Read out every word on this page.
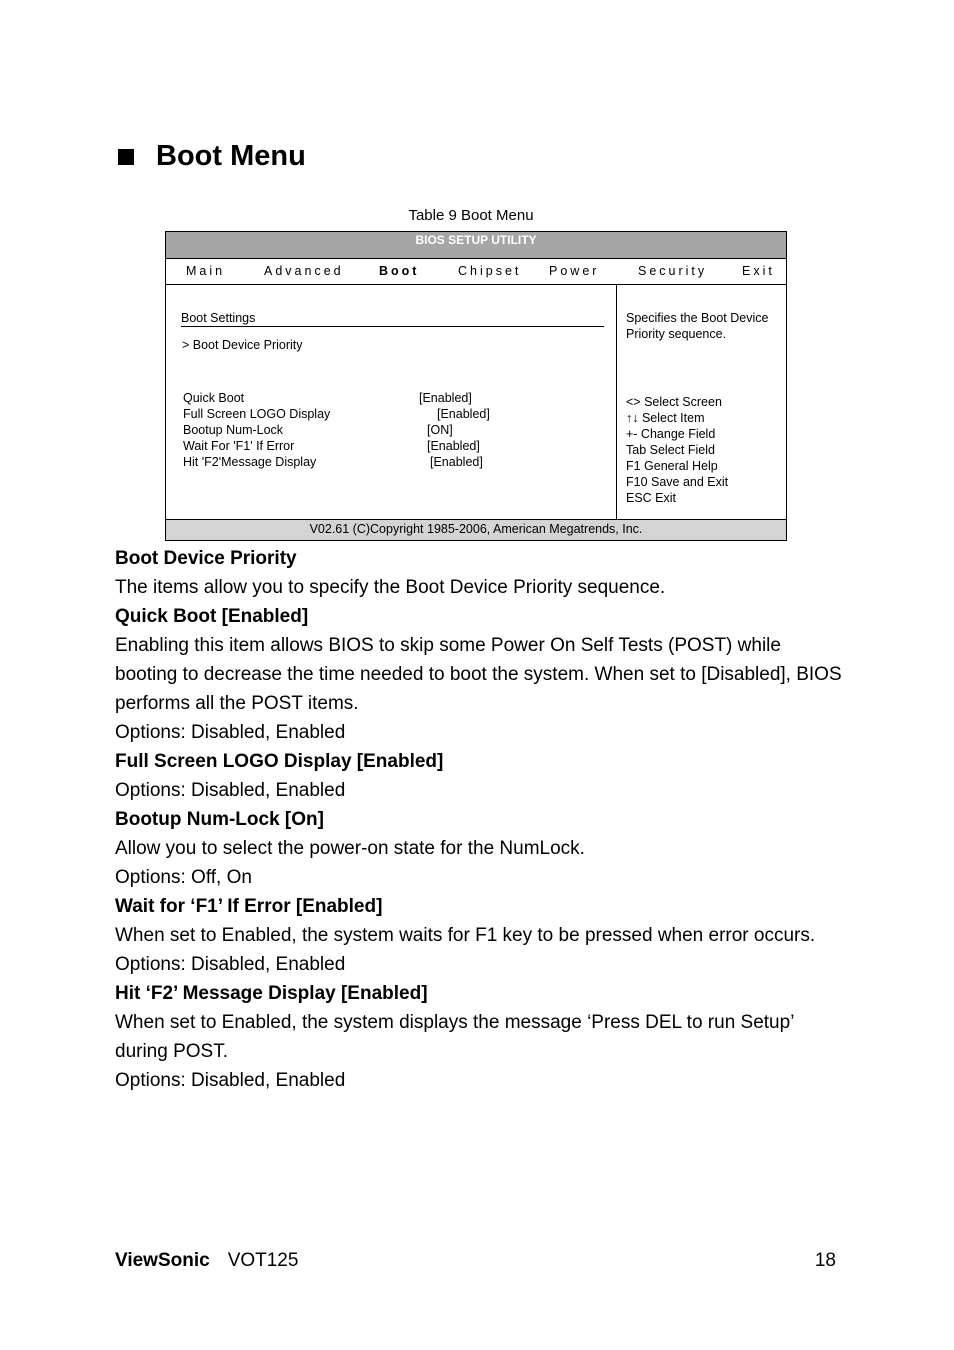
Boot Menu
Table 9 Boot Menu
BIOS SETUP UTILITY
Main	Advanced	Boot	Chipset Power	Security	Exit
Boot Settings
> Boot Device Priority
Quick Boot	[Enabled]
Full Screen LOGO Display	[Enabled]
Bootup Num-Lock	[ON]
Wait For 'F1' If Error	[Enabled]
Hit 'F2'Message Display	[Enabled]
Specifies the Boot Device Priority sequence.
<> Select Screen
↑↓ Select Item
+- Change Field
Tab Select Field
F1 General Help
F10 Save and Exit
ESC Exit
V02.61 (C)Copyright 1985-2006, American Megatrends, Inc.

Boot Device Priority

The items allow you to specify the Boot Device Priority sequence.

Quick Boot [Enabled]

Enabling this item allows BIOS to skip some Power On Self Tests (POST) while booting to decrease the time needed to boot the system. When set to [Disabled], BIOS performs all the POST items.

Options: Disabled, Enabled

Full Screen LOGO Display [Enabled]

Options: Disabled, Enabled

Bootup Num-Lock [On]

Allow you to select the power-on state for the NumLock.

Options: Off, On

Wait for ‘F1’ If Error [Enabled]

When set to Enabled, the system waits for F1 key to be pressed when error occurs.

Options: Disabled, Enabled

Hit ‘F2’ Message Display [Enabled]

When set to Enabled, the system displays the message ‘Press DEL to run Setup’ during POST.

Options: Disabled, Enabled

ViewSonic VOT125	18
